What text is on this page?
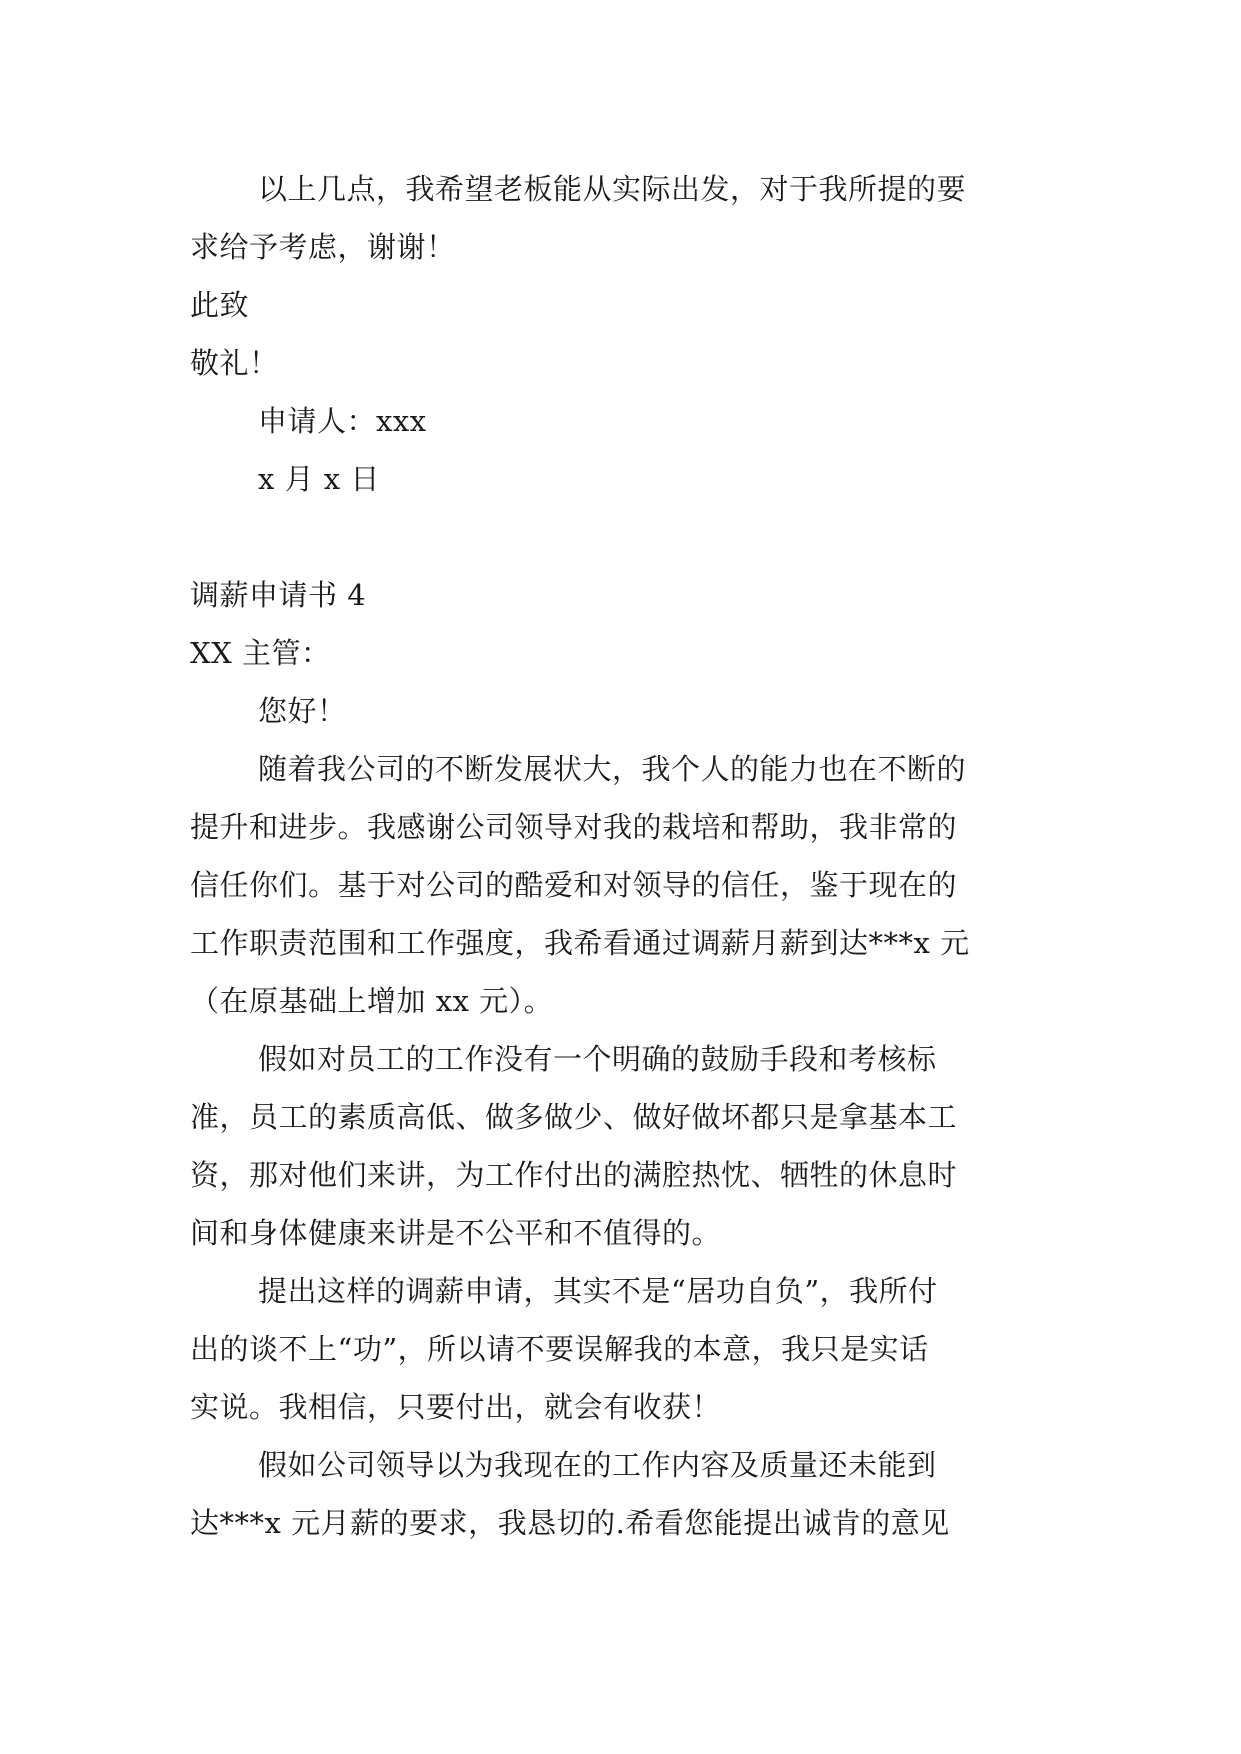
以上几点，我希望老板能从实际出发，对于我所提的要
求给予考虑，谢谢！
此致
敬礼！
申请人：xxx
x 月 x 日
调薪申请书 4
XX 主管：
您好！
随着我公司的不断发展状大，我个人的能力也在不断的
提升和进步。我感谢公司领导对我的栽培和帮助，我非常的
信任你们。基于对公司的酷爱和对领导的信任，鉴于现在的
工作职责范围和工作强度，我希看通过调薪月薪到达***x 元
（在原基础上增加 xx 元）。
假如对员工的工作没有一个明确的鼓励手段和考核标
准，员工的素质高低、做多做少、做好做坏都只是拿基本工
资，那对他们来讲，为工作付出的满腔热忱、牺牲的休息时
间和身体健康来讲是不公平和不值得的。
提出这样的调薪申请，其实不是“居功自负”，我所付
出的谈不上“功”，所以请不要误解我的本意，我只是实话
实说。我相信，只要付出，就会有收获！
假如公司领导以为我现在的工作内容及质量还未能到
达***x 元月薪的要求，我恳切的.希看您能提出诚肯的意见
